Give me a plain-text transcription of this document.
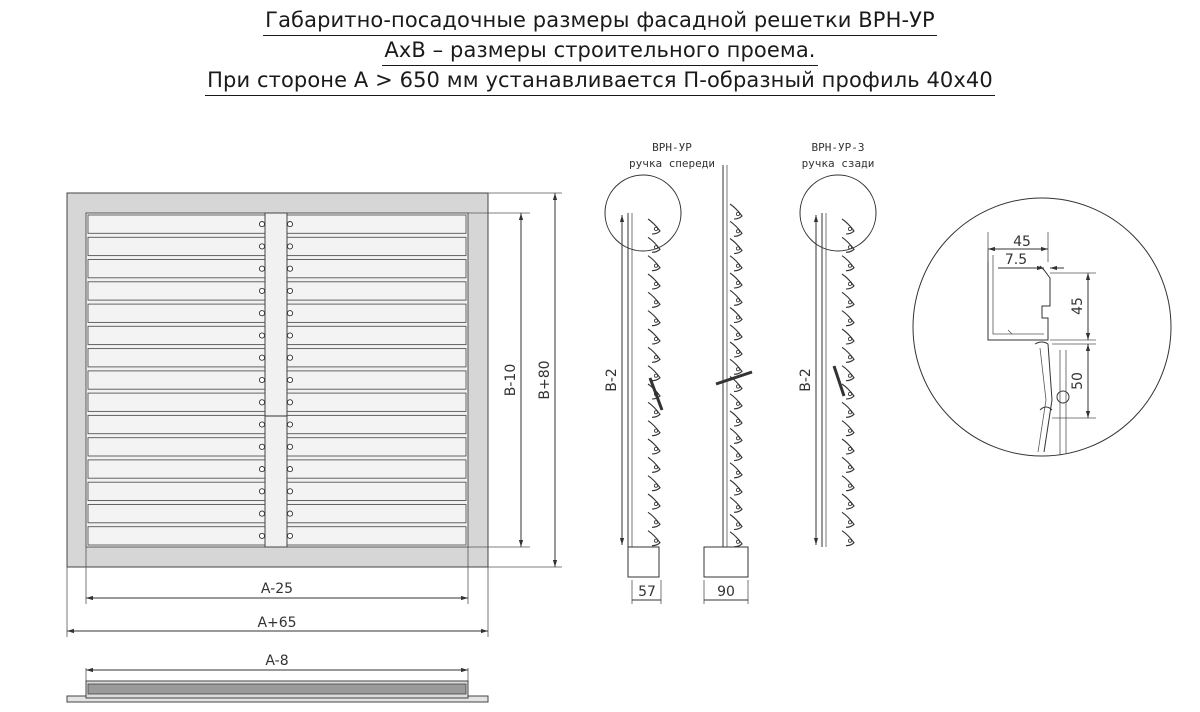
Габаритно-посадочные размеры фасадной решетки ВРН-УР
АхВ – размеры строительного проема.
При стороне А > 650 мм устанавливается П-образный профиль 40х40
B-10 B+80
A-25
A+65
A-8
ВРН-УР
ручка спереди
B-2
57	90
ВРН-УР-3
ручка сзади
B-2
45
7.5
45
50
